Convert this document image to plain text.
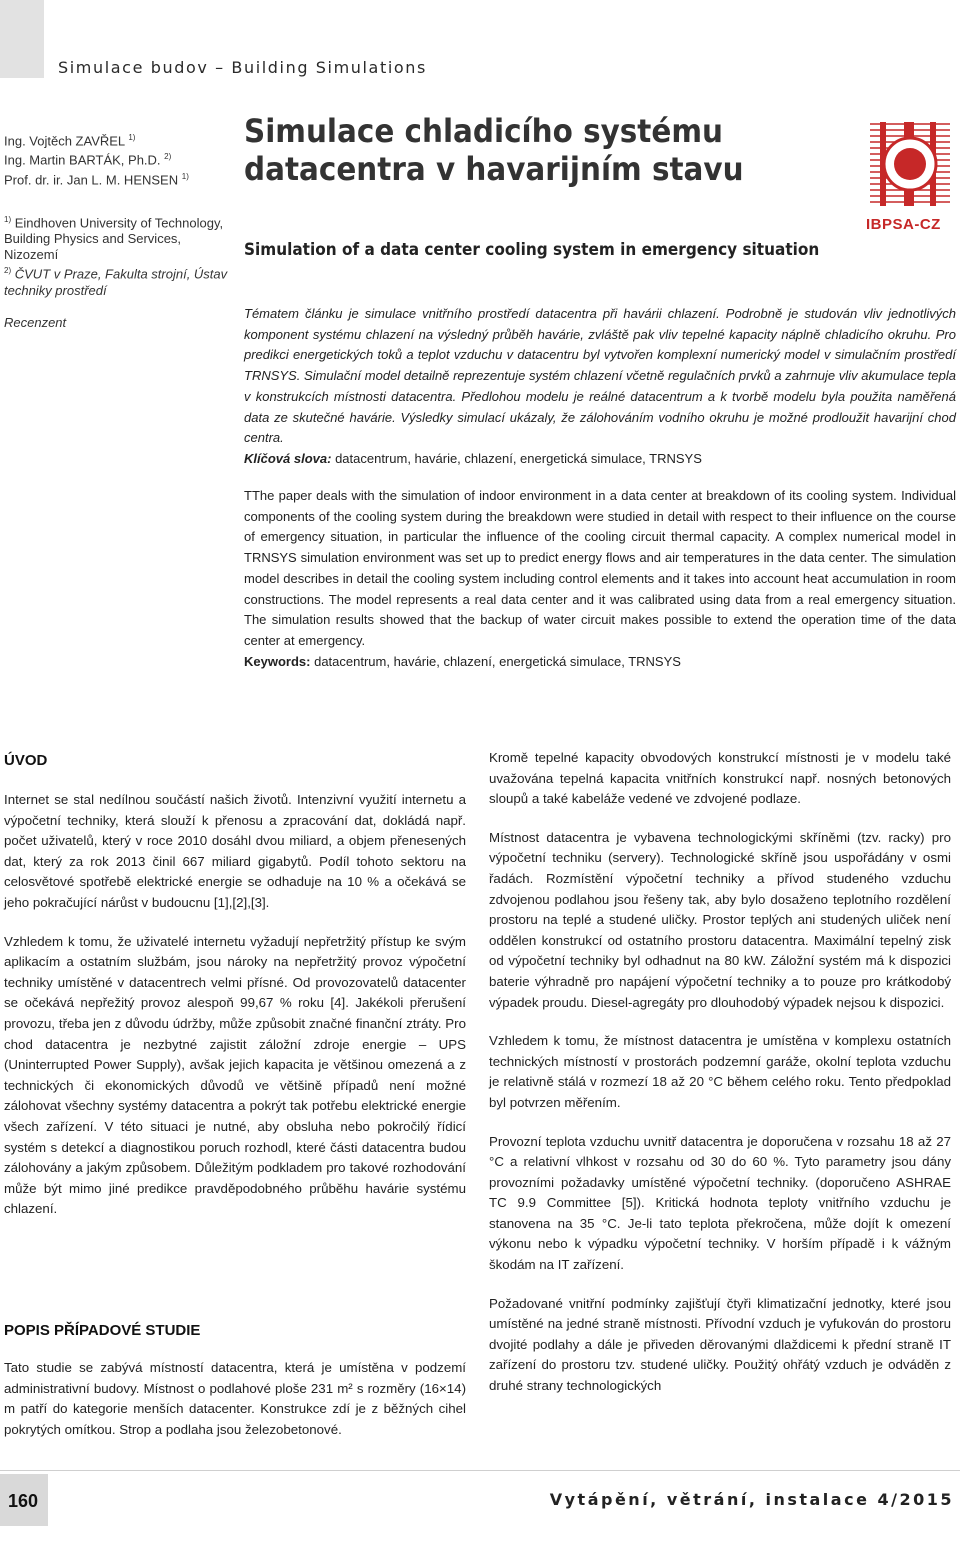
Simulace budov – Building Simulations
Ing. Vojtěch ZAVŘEL $^{1)}$
Ing. Martin BARTÁK, Ph.D. $^{2)}$
Prof. dr. ir. Jan L. M. HENSEN $^{1)}$
$^{1)}$ Eindhoven University of Technology, Building Physics and Services, Nizozemí
$^{2)}$ ČVUT v Praze, Fakulta strojní, Ústav techniky prostředí
Recenzent
Simulace chladicího systému datacentra v havarijním stavu
Simulation of a data center cooling system in emergency situation
IBPSA-CZ
Tématem článku je simulace vnitřního prostředí datacentra při havárii chlazení. Podrobně je studován vliv jednotlivých komponent systému chlazení na výsledný průběh havárie, zvláště pak vliv tepelné kapacity náplně chladicího okruhu. Pro predikci energetických toků a teplot vzduchu v datacentru byl vytvořen komplexní numerický model v simulačním prostředí TRNSYS. Simulační model detailně reprezentuje systém chlazení včetně regulačních prvků a zahrnuje vliv akumulace tepla v konstrukcích místnosti datacentra. Předlohou modelu je reálné datacentrum a k tvorbě modelu byla použita naměřená data ze skutečné havárie. Výsledky simulací ukázaly, že zálohováním vodního okruhu je možné prodloužit havarijní chod centra.
Klíčová slova: datacentrum, havárie, chlazení, energetická simulace, TRNSYS
TThe paper deals with the simulation of indoor environment in a data center at breakdown of its cooling system. Individual components of the cooling system during the breakdown were studied in detail with respect to their influence on the course of emergency situation, in particular the influence of the cooling circuit thermal capacity. A complex numerical model in TRNSYS simulation environment was set up to predict energy flows and air temperatures in the data center. The simulation model describes in detail the cooling system including control elements and it takes into account heat accumulation in room constructions. The model represents a real data center and it was calibrated using data from a real emergency situation. The simulation results showed that the backup of water circuit makes possible to extend the operation time of the data center at emergency.
Keywords: datacentrum, havárie, chlazení, energetická simulace, TRNSYS
ÚVOD

Internet se stal nedílnou součástí našich životů. Intenzivní využití internetu a výpočetní techniky, která slouží k přenosu a zpracování dat, dokládá např. počet uživatelů, který v roce 2010 dosáhl dvou miliard, a objem přenesených dat, který za rok 2013 činil 667 miliard gigabytů. Podíl tohoto sektoru na celosvětové spotřebě elektrické energie se odhaduje na 10 % a očekává se jeho pokračující nárůst v budoucnu [1],[2],[3].

Vzhledem k tomu, že uživatelé internetu vyžadují nepřetržitý přístup ke svým aplikacím a ostatním službám, jsou nároky na nepřetržitý provoz výpočetní techniky umístěné v datacentrech velmi přísné. Od provozovatelů datacenter se očekává nepřežitý provoz alespoň 99,67 % roku [4]. Jakékoli přerušení provozu, třeba jen z důvodu údržby, může způsobit značné finanční ztráty. Pro chod datacentra je nezbytné zajistit záložní zdroje energie – UPS (Uninterrupted Power Supply), avšak jejich kapacita je většinou omezená a z technických či ekonomických důvodů ve většině případů není možné zálohovat všechny systémy datacentra a pokrýt tak potřebu elektrické energie všech zařízení. V této situaci je nutné, aby obsluha nebo pokročilý řídicí systém s detekcí a diagnostikou poruch rozhodl, které části datacentra budou zálohovány a jakým způsobem. Důležitým podkladem pro takové rozhodování může být mimo jiné predikce pravděpodobného průběhu havárie systému chlazení.

POPIS PŘÍPADOVÉ STUDIE

Tato studie se zabývá místností datacentra, která je umístěna v podzemí administrativní budovy. Místnost o podlahové ploše 231 m² s rozměry (16×14) m patří do kategorie menších datacenter. Konstrukce zdí je z běžných cihel pokrytých omítkou. Strop a podlaha jsou železobetonové.

Kromě tepelné kapacity obvodových konstrukcí místnosti je v modelu také uvažována tepelná kapacita vnitřních konstrukcí např. nosných betonových sloupů a také kabeláže vedené ve zdvojené podlaze.

Místnost datacentra je vybavena technologickými skříněmi (tzv. racky) pro výpočetní techniku (servery). Technologické skříně jsou uspořádány v osmi řadách. Rozmístění výpočetní techniky a přívod studeného vzduchu zdvojenou podlahou jsou řešeny tak, aby bylo dosaženo teplotního rozdělení prostoru na teplé a studené uličky. Prostor teplých ani studených uliček není oddělen konstrukcí od ostatního prostoru datacentra. Maximální tepelný zisk od výpočetní techniky byl odhadnut na 80 kW. Záložní systém má k dispozici baterie výhradně pro napájení výpočetní techniky a to pouze pro krátkodobý výpadek proudu. Diesel-agregáty pro dlouhodobý výpadek nejsou k dispozici.

Vzhledem k tomu, že místnost datacentra je umístěna v komplexu ostatních technických místností v prostorách podzemní garáže, okolní teplota vzduchu je relativně stálá v rozmezí 18 až 20 °C během celého roku. Tento předpoklad byl potvrzen měřením.

Provozní teplota vzduchu uvnitř datacentra je doporučena v rozsahu 18 až 27 °C a relativní vlhkost v rozsahu od 30 do 60 %. Tyto parametry jsou dány provozními požadavky umístěné výpočetní techniky. (doporučeno ASHRAE TC 9.9 Committee [5]). Kritická hodnota teploty vnitřního vzduchu je stanovena na 35 °C. Je-li tato teplota překročena, může dojít k omezení výkonu nebo k výpadku výpočetní techniky. V horším případě i k vážným škodám na IT zařízení.

Požadované vnitřní podmínky zajišťují čtyři klimatizační jednotky, které jsou umístěné na jedné straně místnosti. Přívodní vzduch je vyfukován do prostoru dvojité podlahy a dále je přiveden děrovanými dlaždicemi k přední straně IT zařízení do prostoru tzv. studené uličky. Použitý ohřátý vzduch je odváděn z druhé strany technologických

160	Vytápění, větrání, instalace 4/2015
